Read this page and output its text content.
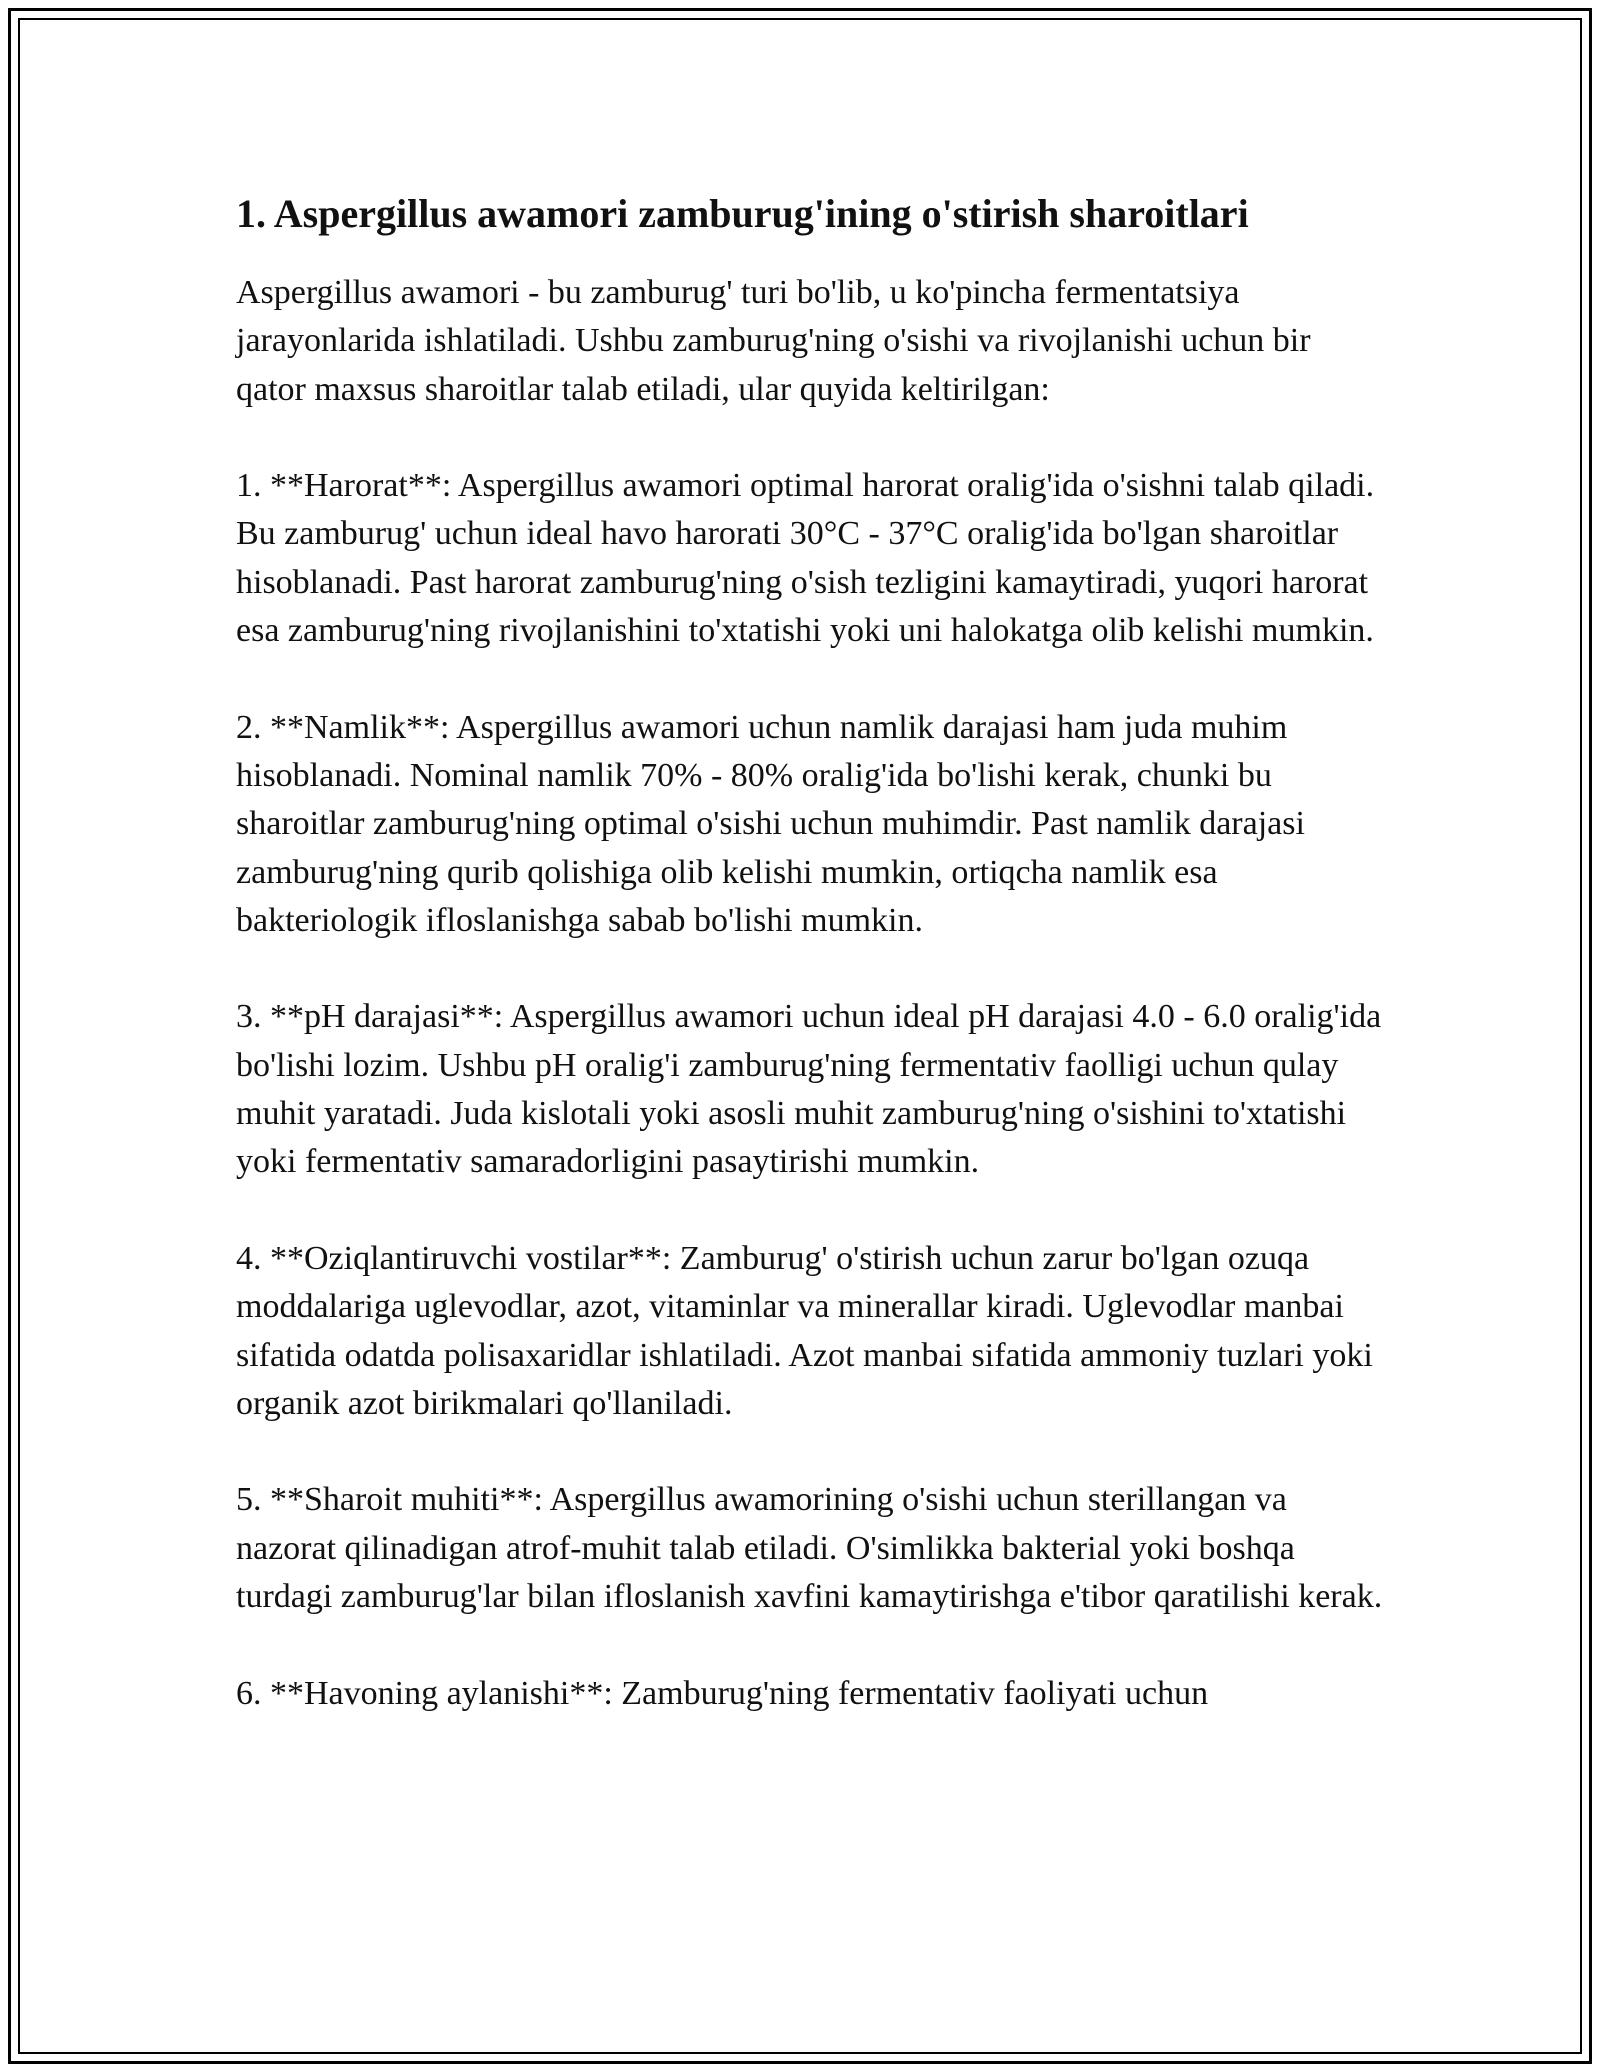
1. Aspergillus awamori zamburug'ining o'stirish sharoitlari

Aspergillus awamori - bu zamburug' turi bo'lib, u ko'pincha fermentatsiya jarayonlarida ishlatiladi. Ushbu zamburug'ning o'sishi va rivojlanishi uchun bir qator maxsus sharoitlar talab etiladi, ular quyida keltirilgan:

1. **Harorat**: Aspergillus awamori optimal harorat oralig'ida o'sishni talab qiladi. Bu zamburug' uchun ideal havo harorati 30°C - 37°C oralig'ida bo'lgan sharoitlar hisoblanadi. Past harorat zamburug'ning o'sish tezligini kamaytiradi, yuqori harorat esa zamburug'ning rivojlanishini to'xtatishi yoki uni halokatga olib kelishi mumkin.

2. **Namlik**: Aspergillus awamori uchun namlik darajasi ham juda muhim hisoblanadi. Nominal namlik 70% - 80% oralig'ida bo'lishi kerak, chunki bu sharoitlar zamburug'ning optimal o'sishi uchun muhimdir. Past namlik darajasi zamburug'ning qurib qolishiga olib kelishi mumkin, ortiqcha namlik esa bakteriologik ifloslanishga sabab bo'lishi mumkin.

3. **pH darajasi**: Aspergillus awamori uchun ideal pH darajasi 4.0 - 6.0 oralig'ida bo'lishi lozim. Ushbu pH oralig'i zamburug'ning fermentativ faolligi uchun qulay muhit yaratadi. Juda kislotali yoki asosli muhit zamburug'ning o'sishini to'xtatishi yoki fermentativ samaradorligini pasaytirishi mumkin.

4. **Oziqlantiruvchi vostilar**: Zamburug' o'stirish uchun zarur bo'lgan ozuqa moddalariga uglevodlar, azot, vitaminlar va minerallar kiradi. Uglevodlar manbai sifatida odatda polisaxaridlar ishlatiladi. Azot manbai sifatida ammoniy tuzlari yoki organik azot birikmalari qo'llaniladi.

5. **Sharoit muhiti**: Aspergillus awamorining o'sishi uchun sterillangan va nazorat qilinadigan atrof-muhit talab etiladi. O'simlikka bakterial yoki boshqa turdagi zamburug'lar bilan ifloslanish xavfini kamaytirishga e'tibor qaratilishi kerak.

6. **Havoning aylanishi**: Zamburug'ning fermentativ faoliyati uchun
